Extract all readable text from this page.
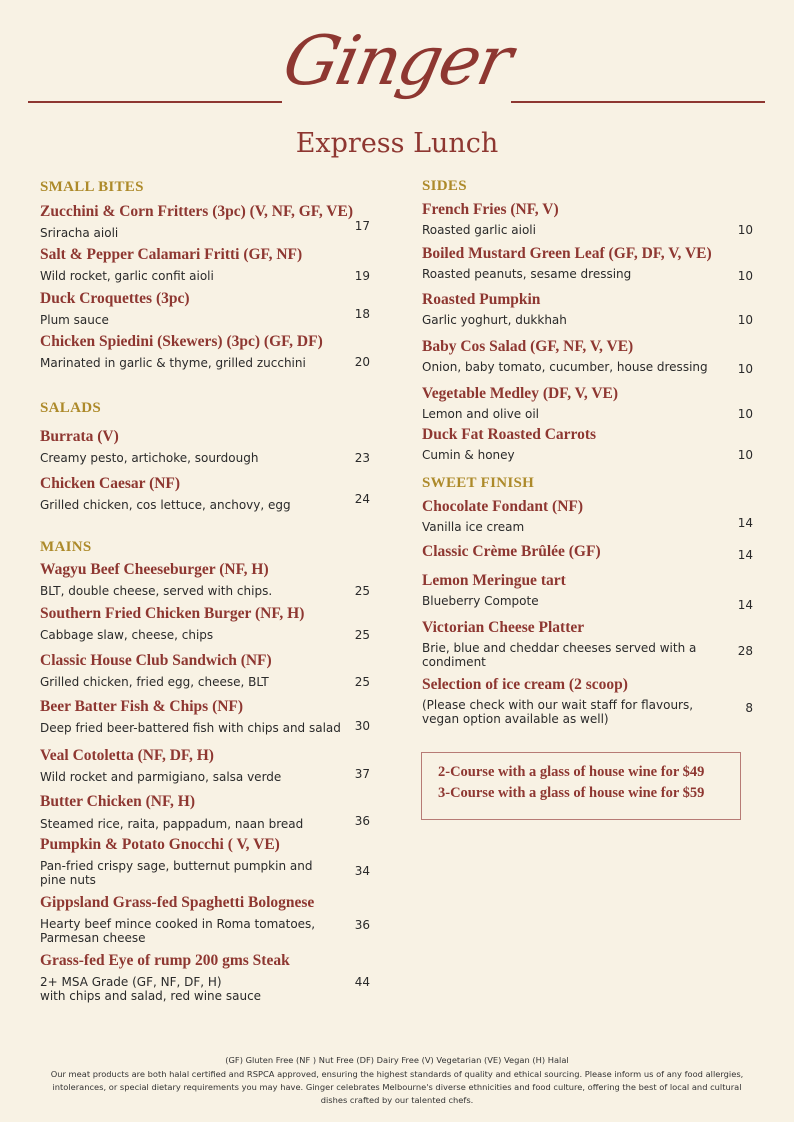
Ginger
Express Lunch
SMALL BITES
Zucchini & Corn Fritters (3pc) (V, NF, GF, VE)
Sriracha aioli	17
Salt & Pepper Calamari Fritti (GF, NF)
Wild rocket, garlic confit aioli	19
Duck Croquettes (3pc)
Plum sauce	18
Chicken Spiedini (Skewers) (3pc) (GF, DF)
Marinated in garlic & thyme, grilled zucchini	20
SALADS
Burrata (V)
Creamy pesto, artichoke, sourdough	23
Chicken Caesar (NF)
Grilled chicken, cos lettuce, anchovy, egg	24
MAINS
Wagyu Beef Cheeseburger (NF, H)
BLT, double cheese, served with chips.	25
Southern Fried Chicken Burger (NF, H)
Cabbage slaw, cheese, chips	25
Classic House Club Sandwich (NF)
Grilled chicken, fried egg, cheese, BLT	25
Beer Batter Fish & Chips (NF)
Deep fried beer-battered fish with chips and salad	30
Veal Cotoletta (NF, DF, H)
Wild rocket and parmigiano, salsa verde	37
Butter Chicken (NF, H)
Steamed rice, raita, pappadum, naan bread	36
Pumpkin & Potato Gnocchi ( V, VE)
Pan-fried crispy sage, butternut pumpkin and pine nuts
34
Gippsland Grass-fed Spaghetti Bolognese
Hearty beef mince cooked in Roma tomatoes, Parmesan cheese
36
Grass-fed Eye of rump 200 gms Steak
2+ MSA Grade (GF, NF, DF, H)
with chips and salad, red wine sauce
44
SIDES
French Fries (NF, V)
Roasted garlic aioli	10
Boiled Mustard Green Leaf (GF, DF, V, VE)
Roasted peanuts, sesame dressing	10
Roasted Pumpkin
Garlic yoghurt, dukkhah	10
Baby Cos Salad (GF, NF, V, VE)
Onion, baby tomato, cucumber, house dressing	10
Vegetable Medley (DF, V, VE)
Lemon and olive oil	10
Duck Fat Roasted Carrots
Cumin & honey	10
SWEET FINISH
Chocolate Fondant (NF)
Vanilla ice cream	14
Classic Crème Brûlée (GF)	14
Lemon Meringue tart
Blueberry Compote	14
Victorian Cheese Platter
Brie, blue and cheddar cheeses served with a condiment
28
Selection of ice cream (2 scoop)
(Please check with our wait staff for flavours, vegan option available as well)
8
2-Course with a glass of house wine for $49
3-Course with a glass of house wine for $59
(GF) Gluten Free (NF ) Nut Free (DF) Dairy Free (V) Vegetarian (VE) Vegan (H) Halal
Our meat products are both halal certified and RSPCA approved, ensuring the highest standards of quality and ethical sourcing. Please inform us of any food allergies, intolerances, or special dietary requirements you may have. Ginger celebrates Melbourne's diverse ethnicities and food culture, offering the best of local and cultural dishes crafted by our talented chefs.
